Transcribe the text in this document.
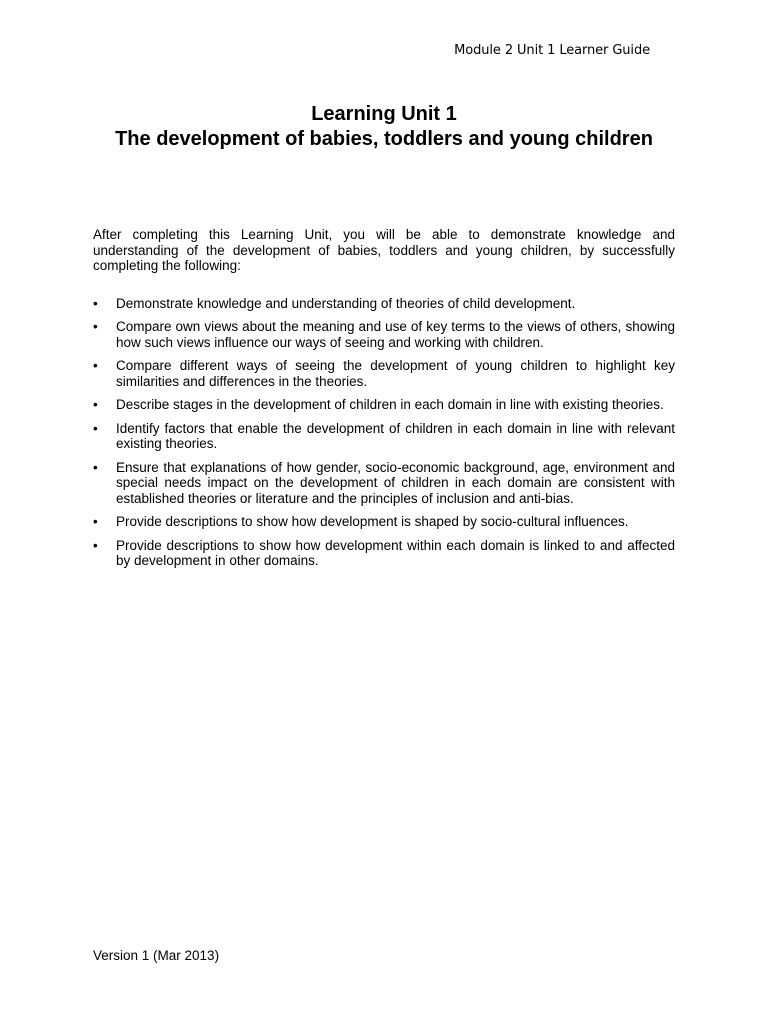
Module 2 Unit 1 Learner Guide
Learning Unit 1
The development of babies, toddlers and young children

After completing this Learning Unit, you will be able to demonstrate knowledge and understanding of the development of babies, toddlers and young children, by successfully completing the following:

•	Demonstrate knowledge and understanding of theories of child development.
•	Compare own views about the meaning and use of key terms to the views of others, showing how such views influence our ways of seeing and working with children.
•	Compare different ways of seeing the development of young children to highlight key similarities and differences in the theories.
•	Describe stages in the development of children in each domain in line with existing theories.
•	Identify factors that enable the development of children in each domain in line with relevant existing theories.
•	Ensure that explanations of how gender, socio-economic background, age, environment and special needs impact on the development of children in each domain are consistent with established theories or literature and the principles of inclusion and anti-bias.
•	Provide descriptions to show how development is shaped by socio-cultural influences.
•	Provide descriptions to show how development within each domain is linked to and affected by development in other domains.
Version 1 (Mar 2013)
